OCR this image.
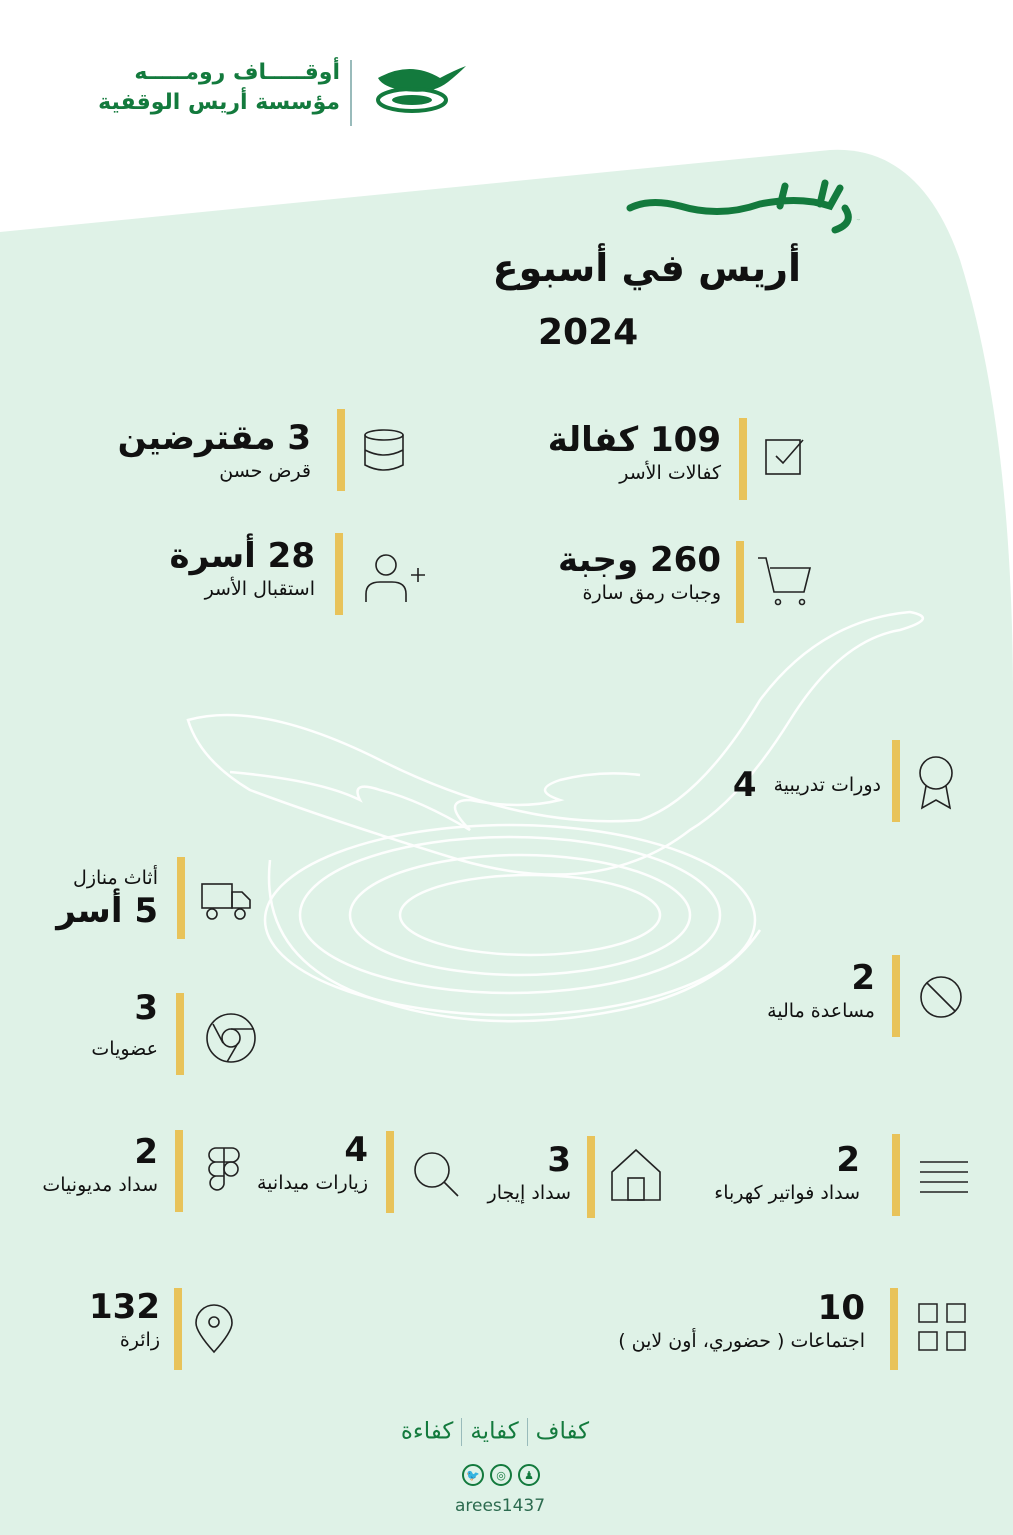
أوقـــــاف رومـــــه
مؤسسة أريس الوقفية
إنجازات
أريس في أسبوع
2024
109 كفالة
كفالات الأسر
3 مقترضين
قرض حسن
260 وجبة
وجبات رمق سارة
28 أسرة
استقبال الأسر
دورات تدريبية 4
أثاث منازل
5 أسر
2
مساعدة مالية
3
عضويات
2
سداد فواتير كهرباء
3
سداد إيجار
4
زيارات ميدانية
2
سداد مديونيات
10
اجتماعات ( حضوري، أون لاين )
132
زائرة
كفافكفايةكفاءة
🐦	◎	♟
arees1437
